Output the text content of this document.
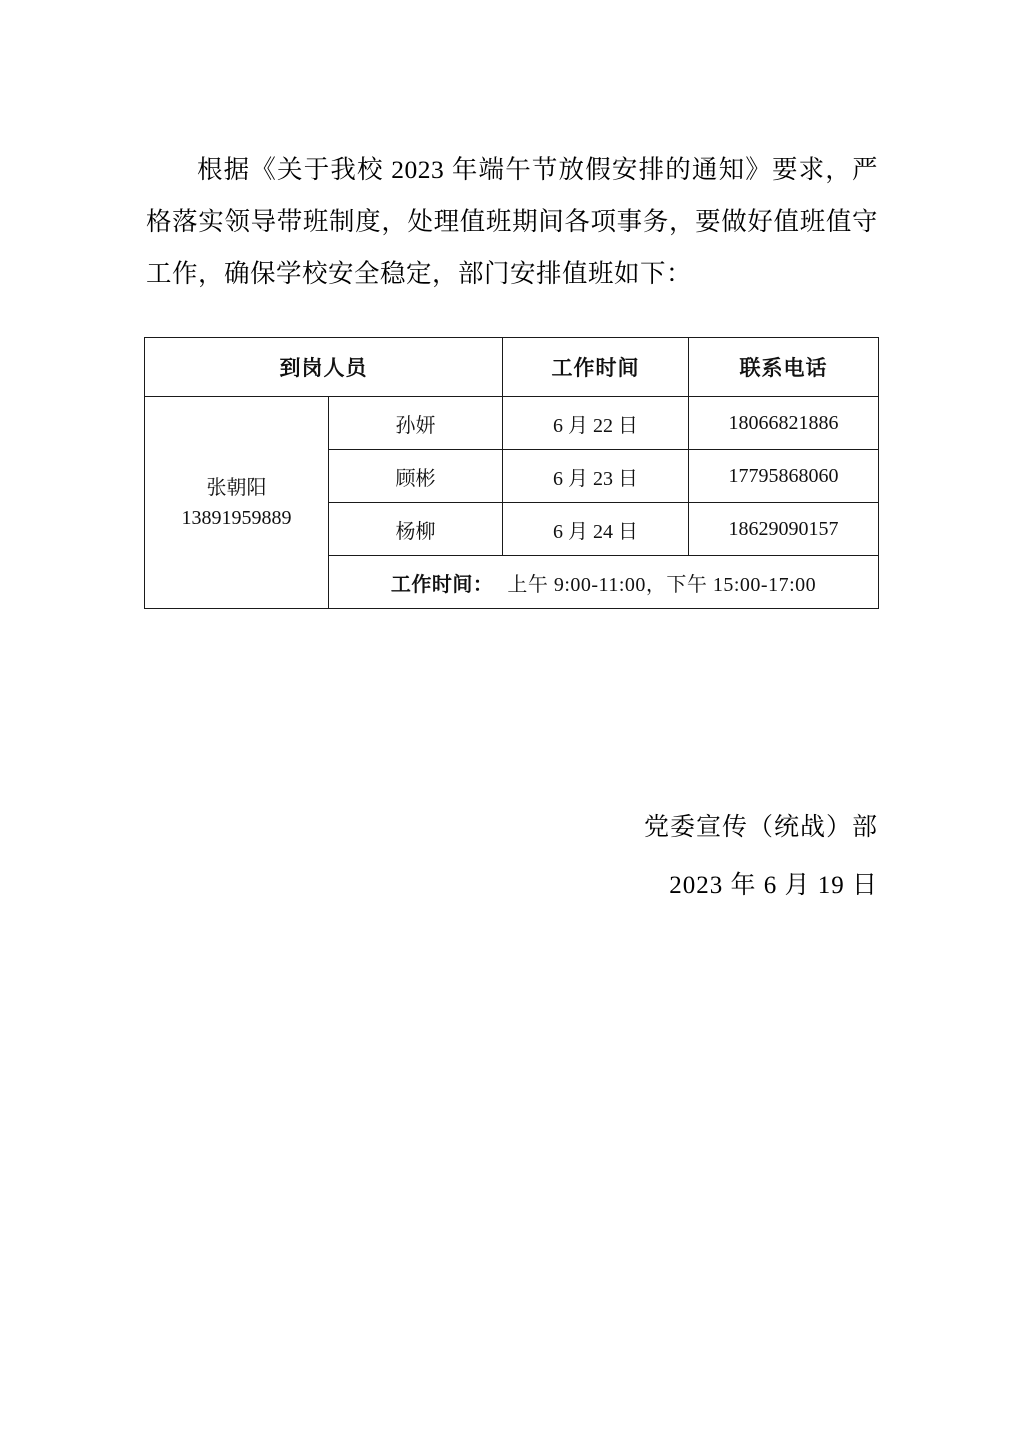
根据《关于我校 2023 年端午节放假安排的通知》要求，严格落实领导带班制度，处理值班期间各项事务，要做好值班值守工作，确保学校安全稳定，部门安排值班如下：

到岗人员		工作时间	联系电话

张朝阳
13891959889	孙妍	6 月 22 日	18066821886
	顾彬	6 月 23 日	17795868060
	杨柳	6 月 24 日	18629090157
	工作时间： 上午 9:00-11:00，下午 15:00-17:00		
党委宣传（统战）部
2023 年 6 月 19 日
